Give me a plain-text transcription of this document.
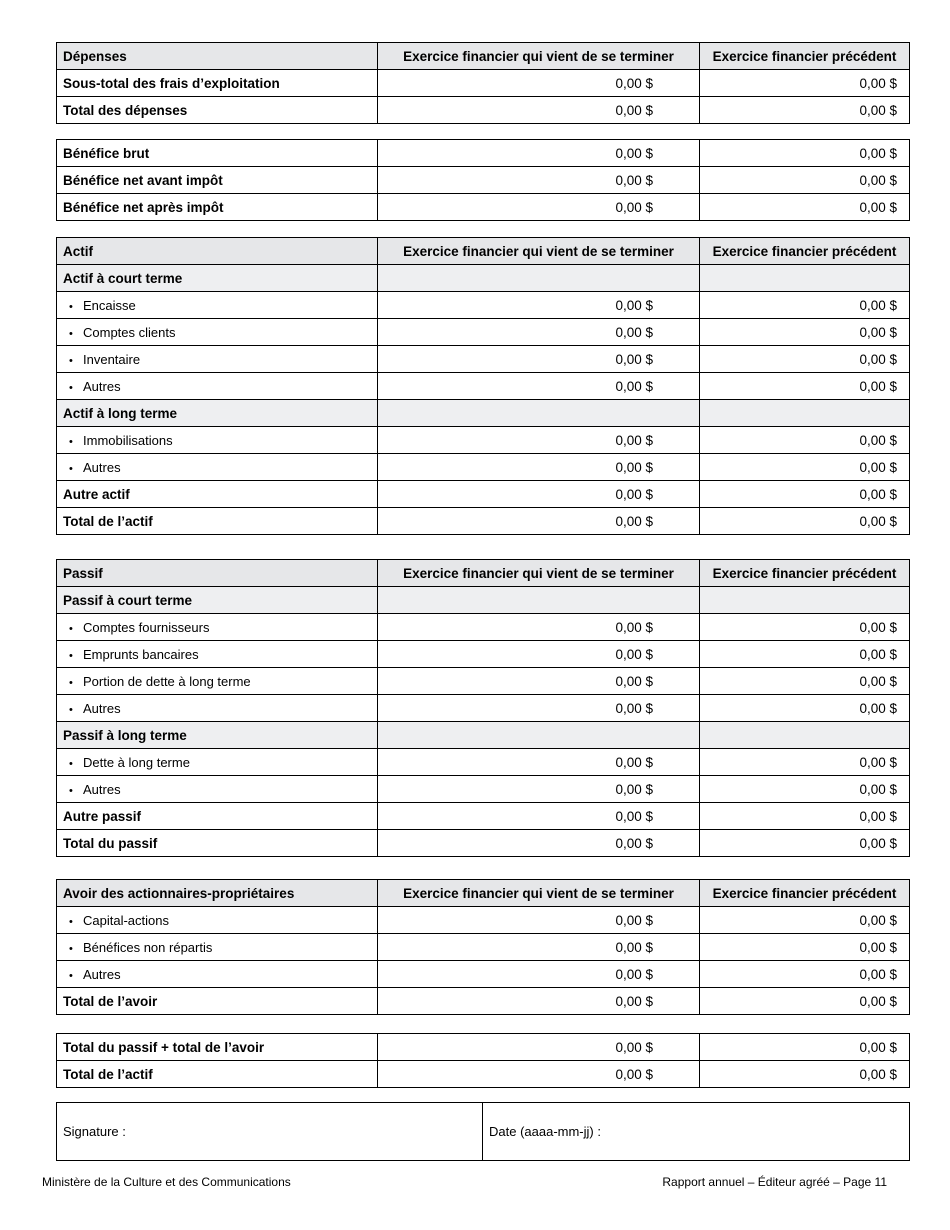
Dépenses	Exercice financier qui vient de se terminer	Exercice financier précédent
Sous-total des frais d’exploitation	0,00 $	0,00 $
Total des dépenses	0,00 $	0,00 $
Bénéfice brut	0,00 $	0,00 $
Bénéfice net avant impôt	0,00 $	0,00 $
Bénéfice net après impôt	0,00 $	0,00 $
Actif	Exercice financier qui vient de se terminer	Exercice financier précédent
Actif à court terme		
• Encaisse	0,00 $	0,00 $
• Comptes clients	0,00 $	0,00 $
• Inventaire	0,00 $	0,00 $
• Autres	0,00 $	0,00 $
Actif à long terme		
• Immobilisations	0,00 $	0,00 $
• Autres	0,00 $	0,00 $
Autre actif	0,00 $	0,00 $
Total de l’actif	0,00 $	0,00 $
Passif	Exercice financier qui vient de se terminer	Exercice financier précédent
Passif à court terme		
• Comptes fournisseurs	0,00 $	0,00 $
• Emprunts bancaires	0,00 $	0,00 $
• Portion de dette à long terme	0,00 $	0,00 $
• Autres	0,00 $	0,00 $
Passif à long terme		
• Dette à long terme	0,00 $	0,00 $
• Autres	0,00 $	0,00 $
Autre passif	0,00 $	0,00 $
Total du passif	0,00 $	0,00 $
Avoir des actionnaires-propriétaires	Exercice financier qui vient de se terminer	Exercice financier précédent
• Capital-actions	0,00 $	0,00 $
• Bénéfices non répartis	0,00 $	0,00 $
• Autres	0,00 $	0,00 $
Total de l’avoir	0,00 $	0,00 $
Total du passif + total de l’avoir	0,00 $	0,00 $
Total de l’actif	0,00 $	0,00 $
Signature :	Date (aaaa-mm-jj) :
Ministère de la Culture et des Communications	Rapport annuel – Éditeur agréé – Page 11
